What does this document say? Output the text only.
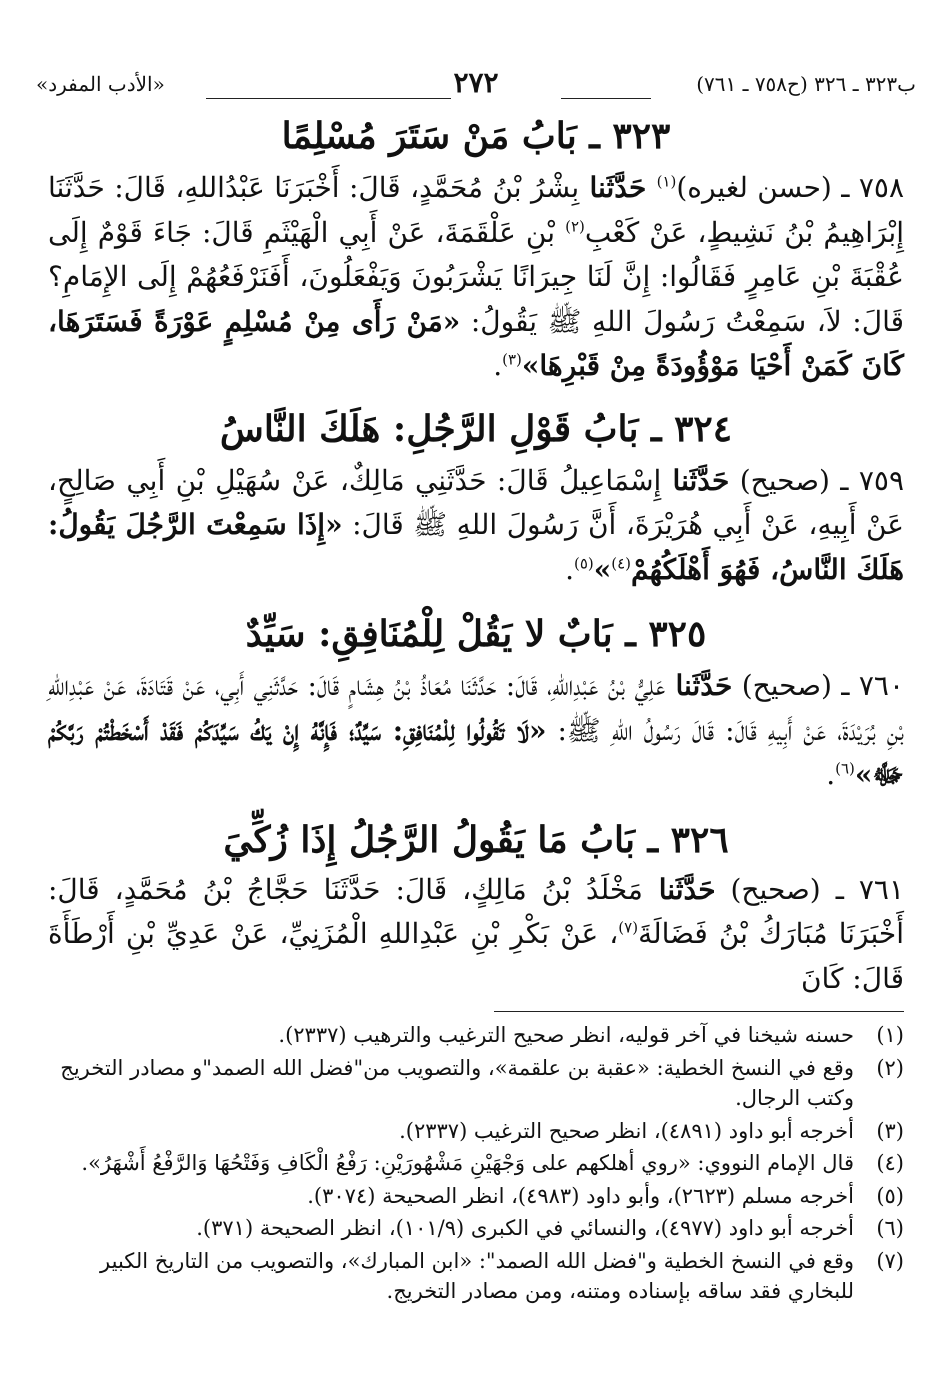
ب٣٢٣ ـ ٣٢٦ (ح٧٥٨ ـ ٧٦١)
٢٧٢
«الأدب المفرد»
٣٢٣ ـ بَابُ مَنْ سَتَرَ مُسْلِمًا

٧٥٨ ـ (حسن لغيره)$^{(١)}$ حَدَّثَنا بِشْرُ بْنُ مُحَمَّدٍ، قَالَ: أَخْبَرَنَا عَبْدُاللهِ، قَالَ: حَدَّثَنَا إِبْرَاهِيمُ بْنُ نَشِيطٍ، عَنْ كَعْبِ$^{(٢)}$ بْنِ عَلْقَمَةَ، عَنْ أَبِي الْهَيْثَمِ قَالَ: جَاءَ قَوْمٌ إِلَى عُقْبَةَ بْنِ عَامِرٍ فَقَالُوا: إِنَّ لَنَا جِيرَانًا يَشْرَبُونَ وَيَفْعَلُونَ، أَفَنَرْفَعُهُمْ إِلَى الإِمَامِ؟ قَالَ: لاَ، سَمِعْتُ رَسُولَ اللهِ ﷺ يَقُولُ: «مَنْ رَأَى مِنْ مُسْلِمٍ عَوْرَةً فَسَتَرَهَا، كَانَ كَمَنْ أَحْيَا مَوْؤُودَةً مِنْ قَبْرِهَا»$^{(٣)}$.

٣٢٤ ـ بَابُ قَوْلِ الرَّجُلِ: هَلَكَ النَّاسُ

٧٥٩ ـ (صحيح) حَدَّثَنا إِسْمَاعِيلُ قَالَ: حَدَّثَنِي مَالِكٌ، عَنْ سُهَيْلِ بْنِ أَبِي صَالِحٍ، عَنْ أَبِيهِ، عَنْ أَبِي هُرَيْرَةَ، أَنَّ رَسُولَ اللهِ ﷺ قَالَ: «إِذَا سَمِعْتَ الرَّجُلَ يَقُولُ: هَلَكَ النَّاسُ، فَهُوَ أَهْلَكُهُمْ$^{(٤)}$»$^{(٥)}$.

٣٢٥ ـ بَابٌ لا يَقُلْ لِلْمُنَافِقِ: سَيِّدٌ

٧٦٠ ـ (صحيح) حَدَّثَنا عَلِيُّ بْنُ عَبْدِاللهِ، قَالَ: حَدَّثَنَا مُعَاذُ بْنُ هِشَامٍ قَالَ: حَدَّثَنِي أَبِي، عَنْ قَتَادَةَ، عَنْ عَبْدِاللهِ بْنِ بُرَيْدَةَ، عَنْ أَبِيهِ قَالَ: قَالَ رَسُولُ اللهِ ﷺ: «لَا تَقُولُوا لِلْمُنَافِقِ: سَيِّدٌ؛ فَإِنَّهُ إِنْ يَكُ سَيِّدَكُمْ فَقَدْ أَسْخَطْتُمْ رَبَّكُمْ ﷻ»$^{(٦)}$.

٣٢٦ ـ بَابُ مَا يَقُولُ الرَّجُلُ إِذَا زُكِّيَ

٧٦١ ـ (صحيح) حَدَّثَنا مَخْلَدُ بْنُ مَالِكٍ، قَالَ: حَدَّثَنَا حَجَّاجُ بْنُ مُحَمَّدٍ، قَالَ: أَخْبَرَنَا مُبَارَكُ بْنُ فَضَالَةَ$^{(٧)}$، عَنْ بَكْرِ بْنِ عَبْدِاللهِ الْمُزَنِيِّ، عَنْ عَدِيِّ بْنِ أَرْطَأَةَ قَالَ: كَانَ

(١)
حسنه شيخنا في آخر قوليه، انظر صحيح الترغيب والترهيب (٢٣٣٧).
(٢)
وقع في النسخ الخطية: «عقبة بن علقمة»، والتصويب من"فضل الله الصمد"و مصادر التخريج وكتب الرجال.
(٣)
أخرجه أبو داود (٤٨٩١)، انظر صحيح الترغيب (٢٣٣٧).
(٤)
قال الإمام النووي: «روي أهلكهم على وَجْهَيْنِ مَشْهُورَيْنِ: رَفْعُ الْكَافِ وَفَتْحُهَا وَالرَّفْعُ أَشْهَرُ».
(٥)
أخرجه مسلم (٢٦٢٣)، وأبو داود (٤٩٨٣)، انظر الصحيحة (٣٠٧٤).
(٦)
أخرجه أبو داود (٤٩٧٧)، والنسائي في الكبرى (١٠١/٩)، انظر الصحيحة (٣٧١).
(٧)
وقع في النسخ الخطية و"فضل الله الصمد": «ابن المبارك»، والتصويب من التاريخ الكبير للبخاري فقد ساقه بإسناده ومتنه، ومن مصادر التخريج.
